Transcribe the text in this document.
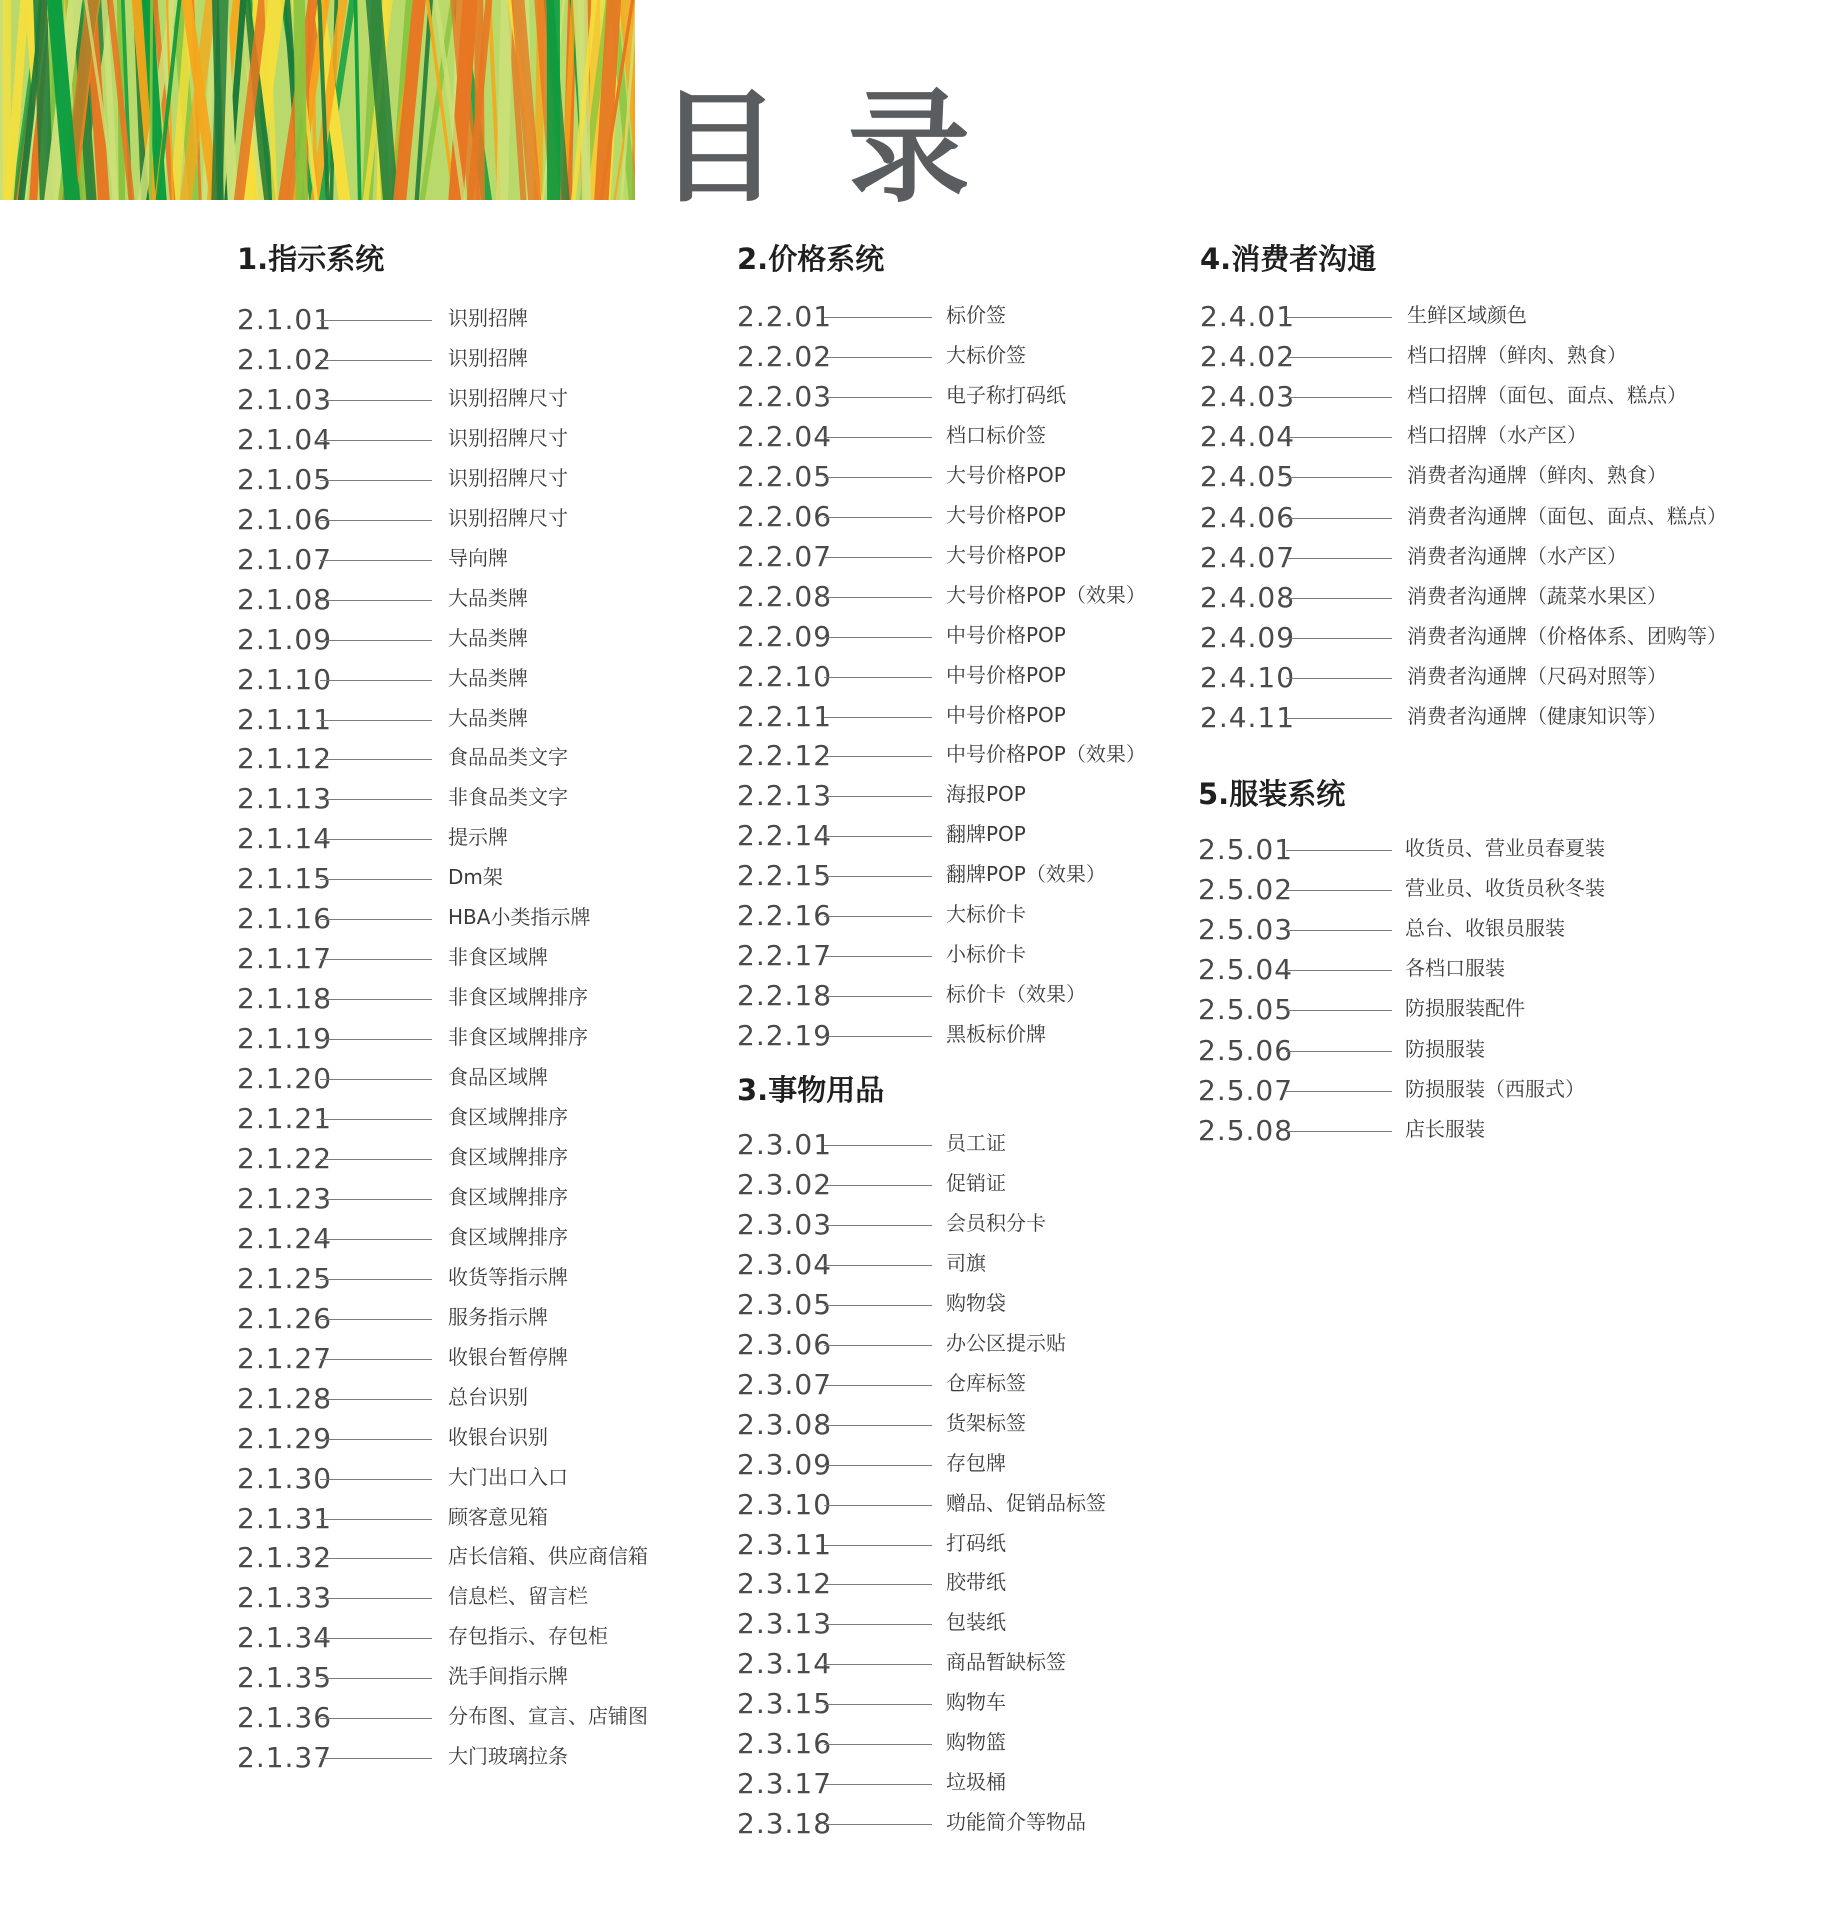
目 录
1.指示系统
2.1.01	识别招牌
2.1.02	识别招牌
2.1.03	识别招牌尺寸
2.1.04	识别招牌尺寸
2.1.05	识别招牌尺寸
2.1.06	识别招牌尺寸
2.1.07	导向牌
2.1.08	大品类牌
2.1.09	大品类牌
2.1.10	大品类牌
2.1.11	大品类牌
2.1.12	食品品类文字
2.1.13	非食品类文字
2.1.14	提示牌
2.1.15	Dm架
2.1.16	HBA小类指示牌
2.1.17	非食区域牌
2.1.18	非食区域牌排序
2.1.19	非食区域牌排序
2.1.20	食品区域牌
2.1.21	食区域牌排序
2.1.22	食区域牌排序
2.1.23	食区域牌排序
2.1.24	食区域牌排序
2.1.25	收货等指示牌
2.1.26	服务指示牌
2.1.27	收银台暂停牌
2.1.28	总台识别
2.1.29	收银台识别
2.1.30	大门出口入口
2.1.31	顾客意见箱
2.1.32	店长信箱、供应商信箱
2.1.33	信息栏、留言栏
2.1.34	存包指示、存包柜
2.1.35	洗手间指示牌
2.1.36	分布图、宣言、店铺图
2.1.37	大门玻璃拉条
2.价格系统
2.2.01	标价签
2.2.02	大标价签
2.2.03	电子称打码纸
2.2.04	档口标价签
2.2.05	大号价格POP
2.2.06	大号价格POP
2.2.07	大号价格POP
2.2.08	大号价格POP（效果）
2.2.09	中号价格POP
2.2.10	中号价格POP
2.2.11	中号价格POP
2.2.12	中号价格POP（效果）
2.2.13	海报POP
2.2.14	翻牌POP
2.2.15	翻牌POP（效果）
2.2.16	大标价卡
2.2.17	小标价卡
2.2.18	标价卡（效果）
2.2.19	黑板标价牌
3.事物用品
2.3.01	员工证
2.3.02	促销证
2.3.03	会员积分卡
2.3.04	司旗
2.3.05	购物袋
2.3.06	办公区提示贴
2.3.07	仓库标签
2.3.08	货架标签
2.3.09	存包牌
2.3.10	赠品、促销品标签
2.3.11	打码纸
2.3.12	胶带纸
2.3.13	包装纸
2.3.14	商品暂缺标签
2.3.15	购物车
2.3.16	购物篮
2.3.17	垃圾桶
2.3.18	功能简介等物品
4.消费者沟通
2.4.01	生鲜区域颜色
2.4.02	档口招牌（鲜肉、熟食）
2.4.03	档口招牌（面包、面点、糕点）
2.4.04	档口招牌（水产区）
2.4.05	消费者沟通牌（鲜肉、熟食）
2.4.06	消费者沟通牌（面包、面点、糕点）
2.4.07	消费者沟通牌（水产区）
2.4.08	消费者沟通牌（蔬菜水果区）
2.4.09	消费者沟通牌（价格体系、团购等）
2.4.10	消费者沟通牌（尺码对照等）
2.4.11	消费者沟通牌（健康知识等）
5.服装系统
2.5.01	收货员、营业员春夏装
2.5.02	营业员、收货员秋冬装
2.5.03	总台、收银员服装
2.5.04	各档口服装
2.5.05	防损服装配件
2.5.06	防损服装
2.5.07	防损服装（西服式）
2.5.08	店长服装
